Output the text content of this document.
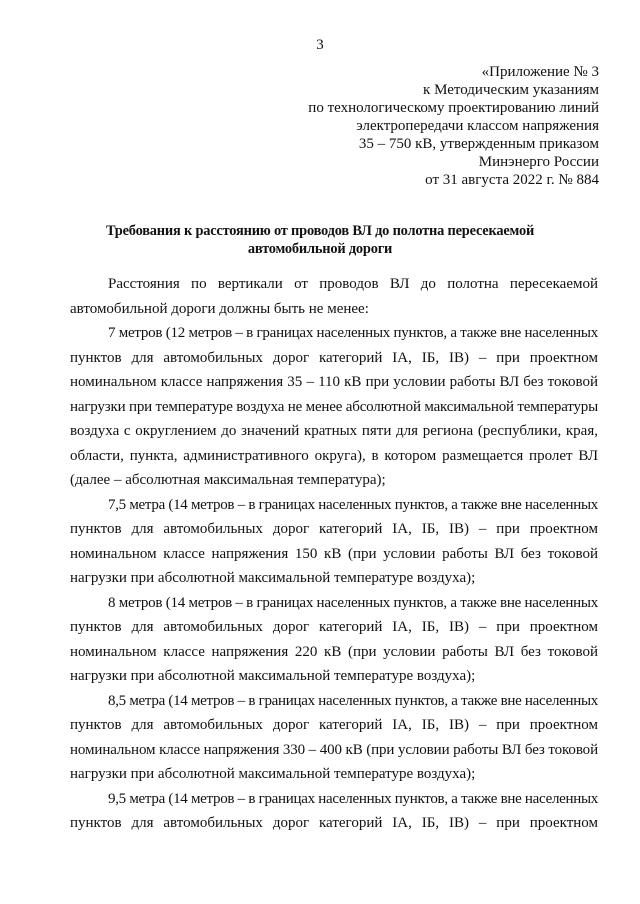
3
«Приложение № 3
к Методическим указаниям
по технологическому проектированию линий
электропередачи классом напряжения
35 – 750 кВ, утвержденным приказом
Минэнерго России
от 31 августа 2022 г. № 884
Требования к расстоянию от проводов ВЛ до полотна пересекаемой
автомобильной дороги
Расстояния по вертикали от проводов ВЛ до полотна пересекаемой
автомобильной дороги должны быть не менее:
7 метров (12 метров – в границах населенных пунктов, а также вне населенных
пунктов для автомобильных дорог категорий IA, IБ, IB) – при проектном
номинальном классе напряжения 35 – 110 кВ при условии работы ВЛ без токовой
нагрузки при температуре воздуха не менее абсолютной максимальной температуры
воздуха с округлением до значений кратных пяти для региона (республики, края,
области, пункта, административного округа), в котором размещается пролет ВЛ
(далее – абсолютная максимальная температура);
7,5 метра (14 метров – в границах населенных пунктов, а также вне населенных
пунктов для автомобильных дорог категорий IA, IБ, IB) – при проектном
номинальном классе напряжения 150 кВ (при условии работы ВЛ без токовой
нагрузки при абсолютной максимальной температуре воздуха);
8 метров (14 метров – в границах населенных пунктов, а также вне населенных
пунктов для автомобильных дорог категорий IA, IБ, IB) – при проектном
номинальном классе напряжения 220 кВ (при условии работы ВЛ без токовой
нагрузки при абсолютной максимальной температуре воздуха);
8,5 метра (14 метров – в границах населенных пунктов, а также вне населенных
пунктов для автомобильных дорог категорий IA, IБ, IB) – при проектном
номинальном классе напряжения 330 – 400 кВ (при условии работы ВЛ без токовой
нагрузки при абсолютной максимальной температуре воздуха);
9,5 метра (14 метров – в границах населенных пунктов, а также вне населенных
пунктов для автомобильных дорог категорий IA, IБ, IB) – при проектном
